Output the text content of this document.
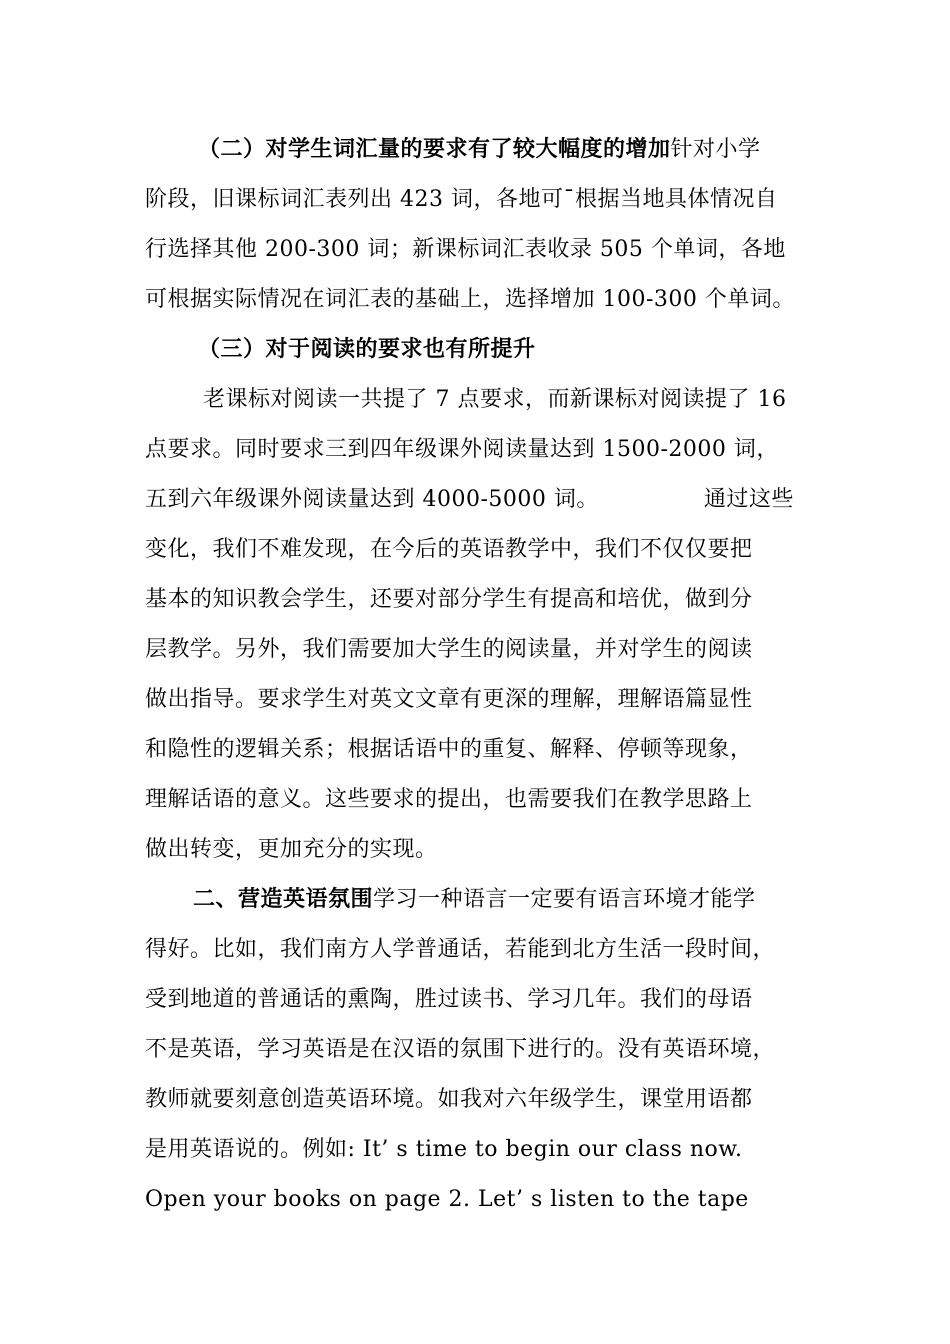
（二）对学生词汇量的要求有了较大幅度的增加针对小学
阶段，旧课标词汇表列出 423 词，各地可¯根据当地具体情况自
行选择其他 200-300 词；新课标词汇表收录 505 个单词，各地
可根据实际情况在词汇表的基础上，选择增加 100-300 个单词。
（三）对于阅读的要求也有所提升
老课标对阅读一共提了 7 点要求，而新课标对阅读提了 16
点要求。同时要求三到四年级课外阅读量达到 1500-2000 词，
五到六年级课外阅读量达到 4000-5000 词。	通过这些
变化，我们不难发现，在今后的英语教学中，我们不仅仅要把
基本的知识教会学生，还要对部分学生有提高和培优，做到分
层教学。另外，我们需要加大学生的阅读量，并对学生的阅读
做出指导。要求学生对英文文章有更深的理解，理解语篇显性
和隐性的逻辑关系；根据话语中的重复、解释、停顿等现象，
理解话语的意义。这些要求的提出，也需要我们在教学思路上
做出转变，更加充分的实现。
二、营造英语氛围学习一种语言一定要有语言环境才能学
得好。比如，我们南方人学普通话，若能到北方生活一段时间，
受到地道的普通话的熏陶，胜过读书、学习几年。我们的母语
不是英语，学习英语是在汉语的氛围下进行的。没有英语环境，
教师就要刻意创造英语环境。如我对六年级学生，课堂用语都
是用英语说的。例如: It’ s time to begin our class now.
Open your books on page 2. Let’ s listen to the tape
